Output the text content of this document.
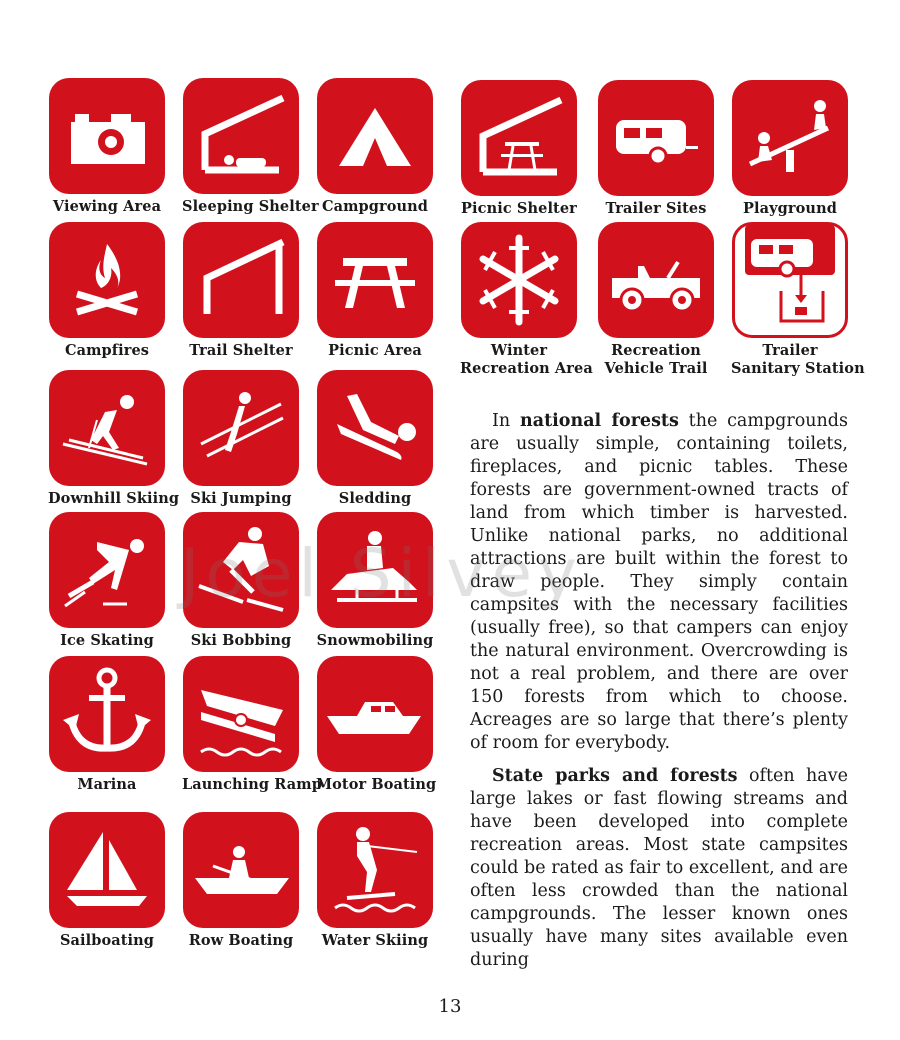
Viewing Area	Sleeping Shelter Campground	Picnic Shelter	Trailer Sites	Playground
Campfires	Trail Shelter	Picnic Area	Winter
Recreation Area
Recreation
Vehicle Trail
Trailer
Sanitary Station
Downhill Skiing Ski Jumping	Sledding
Ice Skating	Ski Bobbing	Snowmobiling
Marina	Launching Ramp
Motor Boating
Sailboating	Row Boating	Water Skiing

In national forests the campgrounds are usually simple, containing toilets, fireplaces, and picnic tables. These forests are government-owned tracts of land from which timber is harvested. Unlike national parks, no additional attractions are built within the forest to draw people. They simply contain campsites with the necessary facilities (usually free), so that campers can enjoy the natural environment. Overcrowding is not a real problem, and there are over 150 forests from which to choose. Acreages are so large that there’s plenty of room for everybody.

State parks and forests often have large lakes or fast flowing streams and have been developed into complete recreation areas. Most state campsites could be rated as fair to excellent, and are often less crowded than the national campgrounds. The lesser known ones usually have many sites available even during

Joel Silvey
13
